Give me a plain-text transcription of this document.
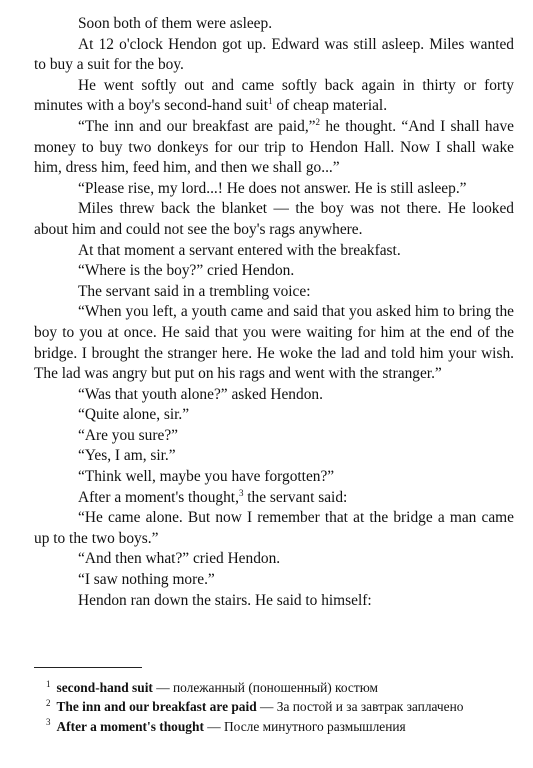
Soon both of them were asleep.

At 12 o'clock Hendon got up. Edward was still asleep. Miles wanted to buy a suit for the boy.

He went softly out and came softly back again in thirty or forty minutes with a boy's second-hand suit$^1$ of cheap material.

“The inn and our breakfast are paid,”$^2$ he thought. “And I shall have money to buy two donkeys for our trip to Hendon Hall. Now I shall wake him, dress him, feed him, and then we shall go...”

“Please rise, my lord...! He does not answer. He is still asleep.”

Miles threw back the blanket — the boy was not there. He looked about him and could not see the boy's rags anywhere.

At that moment a servant entered with the breakfast.

“Where is the boy?” cried Hendon.

The servant said in a trembling voice:

“When you left, a youth came and said that you asked him to bring the boy to you at once. He said that you were waiting for him at the end of the bridge. I brought the stranger here. He woke the lad and told him your wish. The lad was angry but put on his rags and went with the stranger.”

“Was that youth alone?” asked Hendon.

“Quite alone, sir.”

“Are you sure?”

“Yes, I am, sir.”

“Think well, maybe you have forgotten?”

After a moment's thought,$^3$ the servant said:

“He came alone. But now I remember that at the bridge a man came up to the two boys.”

“And then what?” cried Hendon.

“I saw nothing more.”

Hendon ran down the stairs. He said to himself:

$^1$ second-hand suit — полежанный (поношенный) костюм

$^2$ The inn and our breakfast are paid — За постой и за завтрак заплачено

$^3$ After a moment's thought — После минутного размышления
